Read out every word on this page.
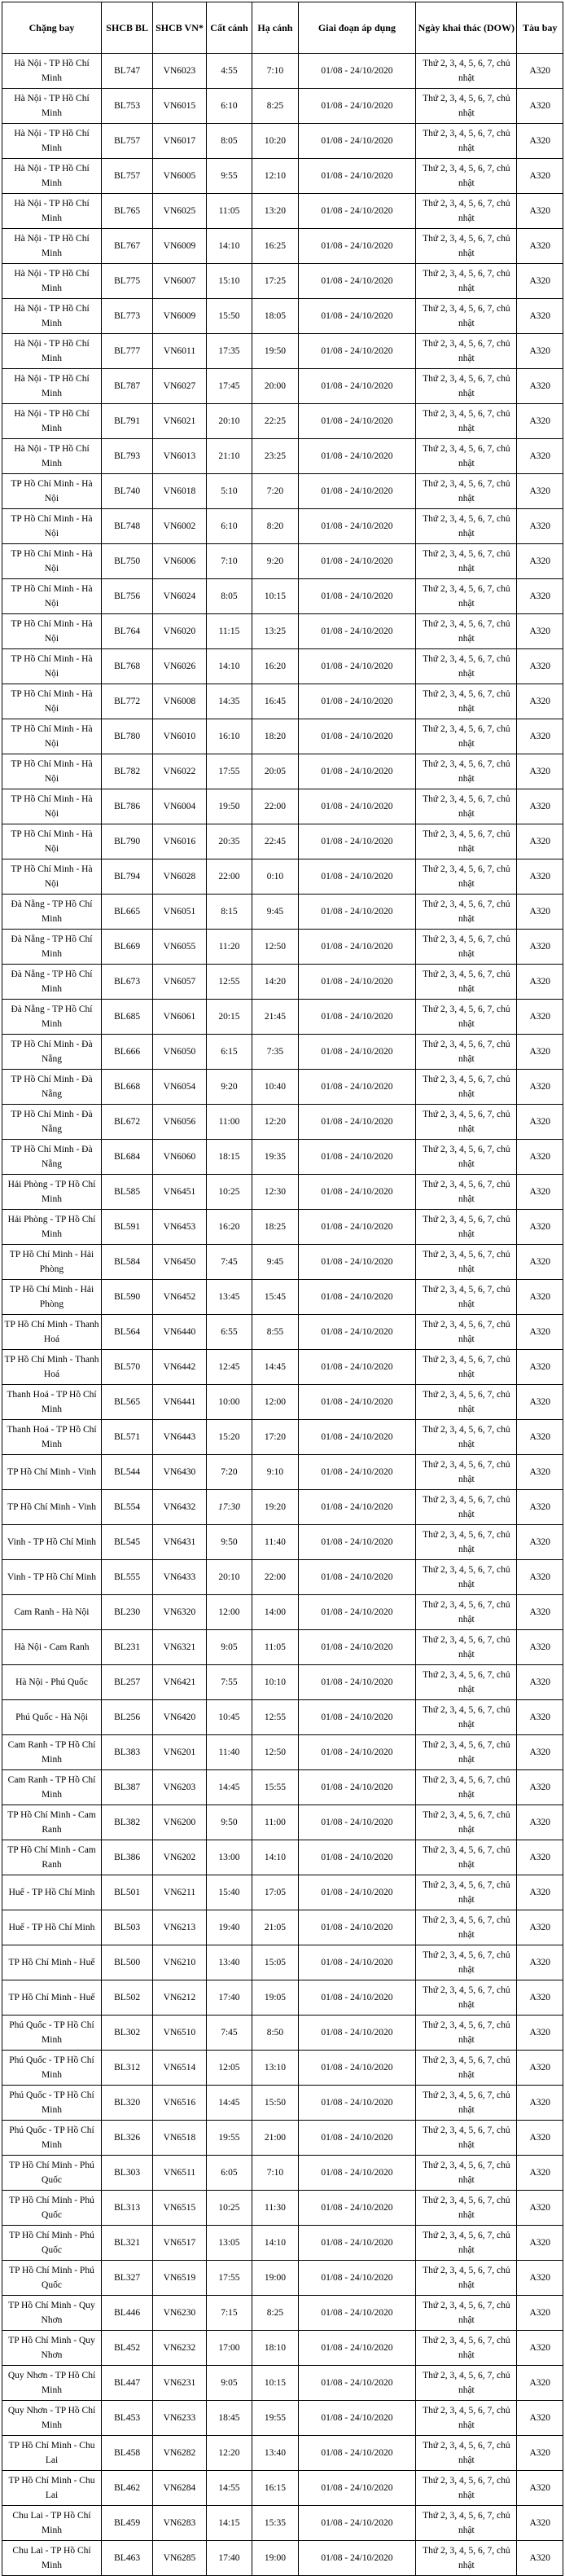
Chặng bay	SHCB BL	SHCB VN*	Cất cánh	Hạ cánh	Giai đoạn áp dụng	Ngày khai thác (DOW)	Tàu bay
Hà Nội - TP Hồ Chí Minh	BL747	VN6023	4:55	7:10	01/08 - 24/10/2020	Thứ 2, 3, 4, 5, 6, 7, chủ nhật	A320
Hà Nội - TP Hồ Chí Minh	BL753	VN6015	6:10	8:25	01/08 - 24/10/2020	Thứ 2, 3, 4, 5, 6, 7, chủ nhật	A320
Hà Nội - TP Hồ Chí Minh	BL757	VN6017	8:05	10:20	01/08 - 24/10/2020	Thứ 2, 3, 4, 5, 6, 7, chủ nhật	A320
Hà Nội - TP Hồ Chí Minh	BL757	VN6005	9:55	12:10	01/08 - 24/10/2020	Thứ 2, 3, 4, 5, 6, 7, chủ nhật	A320
Hà Nội - TP Hồ Chí Minh	BL765	VN6025	11:05	13:20	01/08 - 24/10/2020	Thứ 2, 3, 4, 5, 6, 7, chủ nhật	A320
Hà Nội - TP Hồ Chí Minh	BL767	VN6009	14:10	16:25	01/08 - 24/10/2020	Thứ 2, 3, 4, 5, 6, 7, chủ nhật	A320
Hà Nội - TP Hồ Chí Minh	BL775	VN6007	15:10	17:25	01/08 - 24/10/2020	Thứ 2, 3, 4, 5, 6, 7, chủ nhật	A320
Hà Nội - TP Hồ Chí Minh	BL773	VN6009	15:50	18:05	01/08 - 24/10/2020	Thứ 2, 3, 4, 5, 6, 7, chủ nhật	A320
Hà Nội - TP Hồ Chí Minh	BL777	VN6011	17:35	19:50	01/08 - 24/10/2020	Thứ 2, 3, 4, 5, 6, 7, chủ nhật	A320
Hà Nội - TP Hồ Chí Minh	BL787	VN6027	17:45	20:00	01/08 - 24/10/2020	Thứ 2, 3, 4, 5, 6, 7, chủ nhật	A320
Hà Nội - TP Hồ Chí Minh	BL791	VN6021	20:10	22:25	01/08 - 24/10/2020	Thứ 2, 3, 4, 5, 6, 7, chủ nhật	A320
Hà Nội - TP Hồ Chí Minh	BL793	VN6013	21:10	23:25	01/08 - 24/10/2020	Thứ 2, 3, 4, 5, 6, 7, chủ nhật	A320
TP Hồ Chí Minh - Hà Nội	BL740	VN6018	5:10	7:20	01/08 - 24/10/2020	Thứ 2, 3, 4, 5, 6, 7, chủ nhật	A320
TP Hồ Chí Minh - Hà Nội	BL748	VN6002	6:10	8:20	01/08 - 24/10/2020	Thứ 2, 3, 4, 5, 6, 7, chủ nhật	A320
TP Hồ Chí Minh - Hà Nội	BL750	VN6006	7:10	9:20	01/08 - 24/10/2020	Thứ 2, 3, 4, 5, 6, 7, chủ nhật	A320
TP Hồ Chí Minh - Hà Nội	BL756	VN6024	8:05	10:15	01/08 - 24/10/2020	Thứ 2, 3, 4, 5, 6, 7, chủ nhật	A320
TP Hồ Chí Minh - Hà Nội	BL764	VN6020	11:15	13:25	01/08 - 24/10/2020	Thứ 2, 3, 4, 5, 6, 7, chủ nhật	A320
TP Hồ Chí Minh - Hà Nội	BL768	VN6026	14:10	16:20	01/08 - 24/10/2020	Thứ 2, 3, 4, 5, 6, 7, chủ nhật	A320
TP Hồ Chí Minh - Hà Nội	BL772	VN6008	14:35	16:45	01/08 - 24/10/2020	Thứ 2, 3, 4, 5, 6, 7, chủ nhật	A320
TP Hồ Chí Minh - Hà Nội	BL780	VN6010	16:10	18:20	01/08 - 24/10/2020	Thứ 2, 3, 4, 5, 6, 7, chủ nhật	A320
TP Hồ Chí Minh - Hà Nội	BL782	VN6022	17:55	20:05	01/08 - 24/10/2020	Thứ 2, 3, 4, 5, 6, 7, chủ nhật	A320
TP Hồ Chí Minh - Hà Nội	BL786	VN6004	19:50	22:00	01/08 - 24/10/2020	Thứ 2, 3, 4, 5, 6, 7, chủ nhật	A320
TP Hồ Chí Minh - Hà Nội	BL790	VN6016	20:35	22:45	01/08 - 24/10/2020	Thứ 2, 3, 4, 5, 6, 7, chủ nhật	A320
TP Hồ Chí Minh - Hà Nội	BL794	VN6028	22:00	0:10	01/08 - 24/10/2020	Thứ 2, 3, 4, 5, 6, 7, chủ nhật	A320
Đà Nẵng - TP Hồ Chí Minh	BL665	VN6051	8:15	9:45	01/08 - 24/10/2020	Thứ 2, 3, 4, 5, 6, 7, chủ nhật	A320
Đà Nẵng - TP Hồ Chí Minh	BL669	VN6055	11:20	12:50	01/08 - 24/10/2020	Thứ 2, 3, 4, 5, 6, 7, chủ nhật	A320
Đà Nẵng - TP Hồ Chí Minh	BL673	VN6057	12:55	14:20	01/08 - 24/10/2020	Thứ 2, 3, 4, 5, 6, 7, chủ nhật	A320
Đà Nẵng - TP Hồ Chí Minh	BL685	VN6061	20:15	21:45	01/08 - 24/10/2020	Thứ 2, 3, 4, 5, 6, 7, chủ nhật	A320
TP Hồ Chí Minh - Đà Nẵng	BL666	VN6050	6:15	7:35	01/08 - 24/10/2020	Thứ 2, 3, 4, 5, 6, 7, chủ nhật	A320
TP Hồ Chí Minh - Đà Nẵng	BL668	VN6054	9:20	10:40	01/08 - 24/10/2020	Thứ 2, 3, 4, 5, 6, 7, chủ nhật	A320
TP Hồ Chí Minh - Đà Nẵng	BL672	VN6056	11:00	12:20	01/08 - 24/10/2020	Thứ 2, 3, 4, 5, 6, 7, chủ nhật	A320
TP Hồ Chí Minh - Đà Nẵng	BL684	VN6060	18:15	19:35	01/08 - 24/10/2020	Thứ 2, 3, 4, 5, 6, 7, chủ nhật	A320
Hải Phòng - TP Hồ Chí Minh	BL585	VN6451	10:25	12:30	01/08 - 24/10/2020	Thứ 2, 3, 4, 5, 6, 7, chủ nhật	A320
Hải Phòng - TP Hồ Chí Minh	BL591	VN6453	16:20	18:25	01/08 - 24/10/2020	Thứ 2, 3, 4, 5, 6, 7, chủ nhật	A320
TP Hồ Chí Minh - Hải Phòng	BL584	VN6450	7:45	9:45	01/08 - 24/10/2020	Thứ 2, 3, 4, 5, 6, 7, chủ nhật	A320
TP Hồ Chí Minh - Hải Phòng	BL590	VN6452	13:45	15:45	01/08 - 24/10/2020	Thứ 2, 3, 4, 5, 6, 7, chủ nhật	A320
TP Hồ Chí Minh - Thanh Hoá	BL564	VN6440	6:55	8:55	01/08 - 24/10/2020	Thứ 2, 3, 4, 5, 6, 7, chủ nhật	A320
TP Hồ Chí Minh - Thanh Hoá	BL570	VN6442	12:45	14:45	01/08 - 24/10/2020	Thứ 2, 3, 4, 5, 6, 7, chủ nhật	A320
Thanh Hoá - TP Hồ Chí Minh	BL565	VN6441	10:00	12:00	01/08 - 24/10/2020	Thứ 2, 3, 4, 5, 6, 7, chủ nhật	A320
Thanh Hoá - TP Hồ Chí Minh	BL571	VN6443	15:20	17:20	01/08 - 24/10/2020	Thứ 2, 3, 4, 5, 6, 7, chủ nhật	A320
TP Hồ Chí Minh - Vinh	BL544	VN6430	7:20	9:10	01/08 - 24/10/2020	Thứ 2, 3, 4, 5, 6, 7, chủ nhật	A320
TP Hồ Chí Minh - Vinh	BL554	VN6432	17:30	19:20	01/08 - 24/10/2020	Thứ 2, 3, 4, 5, 6, 7, chủ nhật	A320
Vinh - TP Hồ Chí Minh	BL545	VN6431	9:50	11:40	01/08 - 24/10/2020	Thứ 2, 3, 4, 5, 6, 7, chủ nhật	A320
Vinh - TP Hồ Chí Minh	BL555	VN6433	20:10	22:00	01/08 - 24/10/2020	Thứ 2, 3, 4, 5, 6, 7, chủ nhật	A320
Cam Ranh - Hà Nội	BL230	VN6320	12:00	14:00	01/08 - 24/10/2020	Thứ 2, 3, 4, 5, 6, 7, chủ nhật	A320
Hà Nội - Cam Ranh	BL231	VN6321	9:05	11:05	01/08 - 24/10/2020	Thứ 2, 3, 4, 5, 6, 7, chủ nhật	A320
Hà Nội - Phú Quốc	BL257	VN6421	7:55	10:10	01/08 - 24/10/2020	Thứ 2, 3, 4, 5, 6, 7, chủ nhật	A320
Phú Quốc - Hà Nội	BL256	VN6420	10:45	12:55	01/08 - 24/10/2020	Thứ 2, 3, 4, 5, 6, 7, chủ nhật	A320
Cam Ranh - TP Hồ Chí Minh	BL383	VN6201	11:40	12:50	01/08 - 24/10/2020	Thứ 2, 3, 4, 5, 6, 7, chủ nhật	A320
Cam Ranh - TP Hồ Chí Minh	BL387	VN6203	14:45	15:55	01/08 - 24/10/2020	Thứ 2, 3, 4, 5, 6, 7, chủ nhật	A320
TP Hồ Chí Minh - Cam Ranh	BL382	VN6200	9:50	11:00	01/08 - 24/10/2020	Thứ 2, 3, 4, 5, 6, 7, chủ nhật	A320
TP Hồ Chí Minh - Cam Ranh	BL386	VN6202	13:00	14:10	01/08 - 24/10/2020	Thứ 2, 3, 4, 5, 6, 7, chủ nhật	A320
Huế - TP Hồ Chí Minh	BL501	VN6211	15:40	17:05	01/08 - 24/10/2020	Thứ 2, 3, 4, 5, 6, 7, chủ nhật	A320
Huế - TP Hồ Chí Minh	BL503	VN6213	19:40	21:05	01/08 - 24/10/2020	Thứ 2, 3, 4, 5, 6, 7, chủ nhật	A320
TP Hồ Chí Minh - Huế	BL500	VN6210	13:40	15:05	01/08 - 24/10/2020	Thứ 2, 3, 4, 5, 6, 7, chủ nhật	A320
TP Hồ Chí Minh - Huế	BL502	VN6212	17:40	19:05	01/08 - 24/10/2020	Thứ 2, 3, 4, 5, 6, 7, chủ nhật	A320
Phú Quốc - TP Hồ Chí Minh	BL302	VN6510	7:45	8:50	01/08 - 24/10/2020	Thứ 2, 3, 4, 5, 6, 7, chủ nhật	A320
Phú Quốc - TP Hồ Chí Minh	BL312	VN6514	12:05	13:10	01/08 - 24/10/2020	Thứ 2, 3, 4, 5, 6, 7, chủ nhật	A320
Phú Quốc - TP Hồ Chí Minh	BL320	VN6516	14:45	15:50	01/08 - 24/10/2020	Thứ 2, 3, 4, 5, 6, 7, chủ nhật	A320
Phú Quốc - TP Hồ Chí Minh	BL326	VN6518	19:55	21:00	01/08 - 24/10/2020	Thứ 2, 3, 4, 5, 6, 7, chủ nhật	A320
TP Hồ Chí Minh - Phú Quốc	BL303	VN6511	6:05	7:10	01/08 - 24/10/2020	Thứ 2, 3, 4, 5, 6, 7, chủ nhật	A320
TP Hồ Chí Minh - Phú Quốc	BL313	VN6515	10:25	11:30	01/08 - 24/10/2020	Thứ 2, 3, 4, 5, 6, 7, chủ nhật	A320
TP Hồ Chí Minh - Phú Quốc	BL321	VN6517	13:05	14:10	01/08 - 24/10/2020	Thứ 2, 3, 4, 5, 6, 7, chủ nhật	A320
TP Hồ Chí Minh - Phú Quốc	BL327	VN6519	17:55	19:00	01/08 - 24/10/2020	Thứ 2, 3, 4, 5, 6, 7, chủ nhật	A320
TP Hồ Chí Minh - Quy Nhơn	BL446	VN6230	7:15	8:25	01/08 - 24/10/2020	Thứ 2, 3, 4, 5, 6, 7, chủ nhật	A320
TP Hồ Chí Minh - Quy Nhơn	BL452	VN6232	17:00	18:10	01/08 - 24/10/2020	Thứ 2, 3, 4, 5, 6, 7, chủ nhật	A320
Quy Nhơn - TP Hồ Chí Minh	BL447	VN6231	9:05	10:15	01/08 - 24/10/2020	Thứ 2, 3, 4, 5, 6, 7, chủ nhật	A320
Quy Nhơn - TP Hồ Chí Minh	BL453	VN6233	18:45	19:55	01/08 - 24/10/2020	Thứ 2, 3, 4, 5, 6, 7, chủ nhật	A320
TP Hồ Chí Minh - Chu Lai	BL458	VN6282	12:20	13:40	01/08 - 24/10/2020	Thứ 2, 3, 4, 5, 6, 7, chủ nhật	A320
TP Hồ Chí Minh - Chu Lai	BL462	VN6284	14:55	16:15	01/08 - 24/10/2020	Thứ 2, 3, 4, 5, 6, 7, chủ nhật	A320
Chu Lai - TP Hồ Chí Minh	BL459	VN6283	14:15	15:35	01/08 - 24/10/2020	Thứ 2, 3, 4, 5, 6, 7, chủ nhật	A320
Chu Lai - TP Hồ Chí Minh	BL463	VN6285	17:40	19:00	01/08 - 24/10/2020	Thứ 2, 3, 4, 5, 6, 7, chủ nhật	A320
